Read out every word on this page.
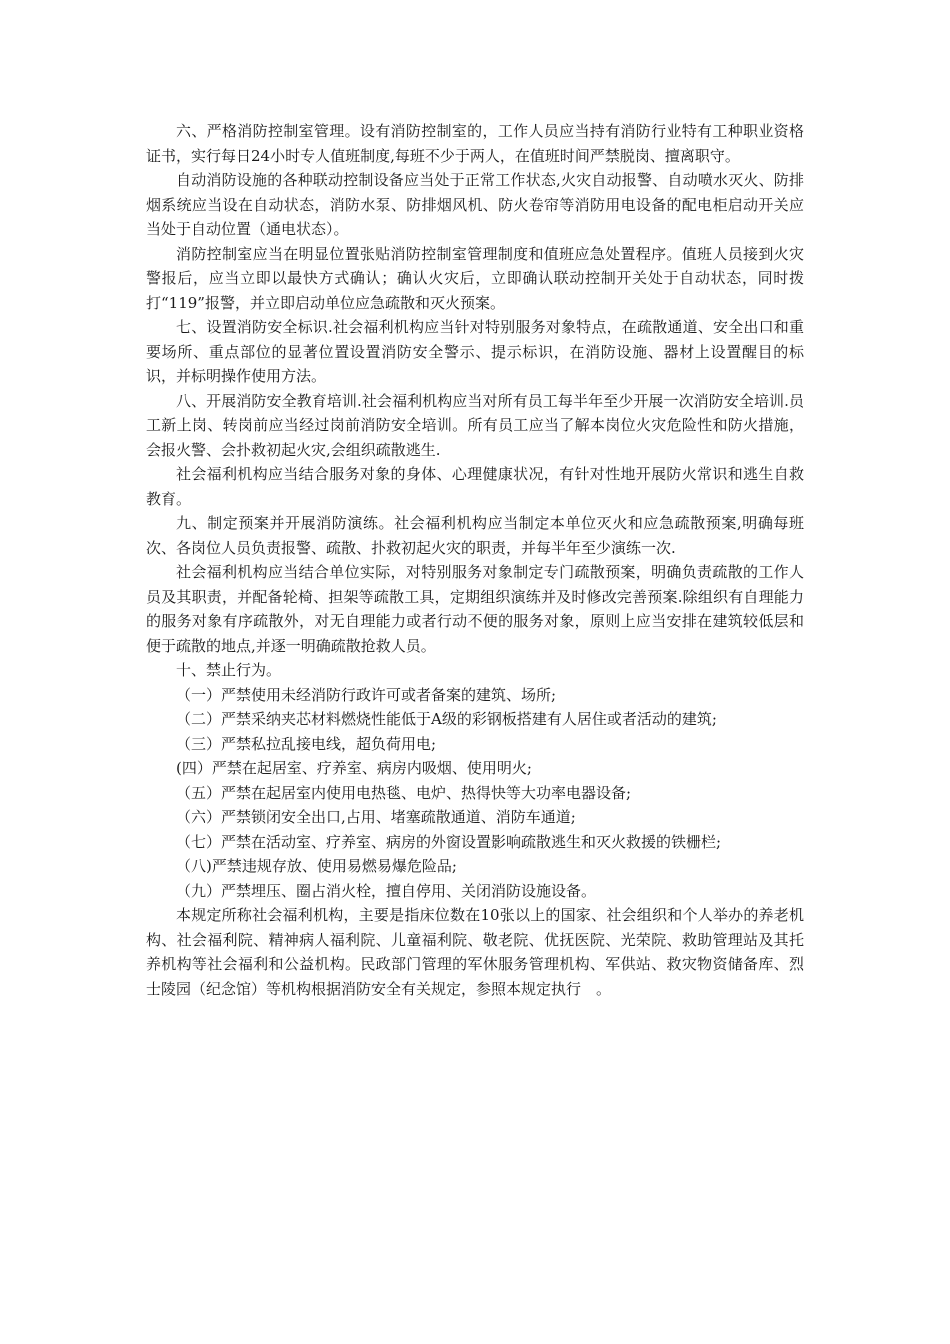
六、严格消防控制室管理。设有消防控制室的，工作人员应当持有消防行业特有工种职业资格证书，实行每日24小时专人值班制度,每班不少于两人，在值班时间严禁脱岗、擅离职守。

自动消防设施的各种联动控制设备应当处于正常工作状态,火灾自动报警、自动喷水灭火、防排烟系统应当设在自动状态，消防水泵、防排烟风机、防火卷帘等消防用电设备的配电柜启动开关应当处于自动位置（通电状态）。

消防控制室应当在明显位置张贴消防控制室管理制度和值班应急处置程序。值班人员接到火灾警报后，应当立即以最快方式确认；确认火灾后，立即确认联动控制开关处于自动状态，同时拨打“119”报警，并立即启动单位应急疏散和灭火预案。

七、设置消防安全标识.社会福利机构应当针对特别服务对象特点，在疏散通道、安全出口和重要场所、重点部位的显著位置设置消防安全警示、提示标识，在消防设施、器材上设置醒目的标识，并标明操作使用方法。

八、开展消防安全教育培训.社会福利机构应当对所有员工每半年至少开展一次消防安全培训.员工新上岗、转岗前应当经过岗前消防安全培训。所有员工应当了解本岗位火灾危险性和防火措施，会报火警、会扑救初起火灾,会组织疏散逃生.

社会福利机构应当结合服务对象的身体、心理健康状况，有针对性地开展防火常识和逃生自救教育。

九、制定预案并开展消防演练。社会福利机构应当制定本单位灭火和应急疏散预案,明确每班次、各岗位人员负责报警、疏散、扑救初起火灾的职责，并每半年至少演练一次.

社会福利机构应当结合单位实际，对特别服务对象制定专门疏散预案，明确负责疏散的工作人员及其职责，并配备轮椅、担架等疏散工具，定期组织演练并及时修改完善预案.除组织有自理能力的服务对象有序疏散外，对无自理能力或者行动不便的服务对象，原则上应当安排在建筑较低层和便于疏散的地点,并逐一明确疏散抢救人员。

十、禁止行为。

（一）严禁使用未经消防行政许可或者备案的建筑、场所;

（二）严禁采纳夹芯材料燃烧性能低于A级的彩钢板搭建有人居住或者活动的建筑;

（三）严禁私拉乱接电线，超负荷用电;

(四）严禁在起居室、疗养室、病房内吸烟、使用明火;

（五）严禁在起居室内使用电热毯、电炉、热得快等大功率电器设备;

（六）严禁锁闭安全出口,占用、堵塞疏散通道、消防车通道;

（七）严禁在活动室、疗养室、病房的外窗设置影响疏散逃生和灭火救援的铁栅栏;

（八)严禁违规存放、使用易燃易爆危险品;

（九）严禁埋压、圈占消火栓，擅自停用、关闭消防设施设备。

本规定所称社会福利机构，主要是指床位数在10张以上的国家、社会组织和个人举办的养老机构、社会福利院、精神病人福利院、儿童福利院、敬老院、优抚医院、光荣院、救助管理站及其托养机构等社会福利和公益机构。民政部门管理的军休服务管理机构、军供站、救灾物资储备库、烈士陵园（纪念馆）等机构根据消防安全有关规定，参照本规定执行　。
